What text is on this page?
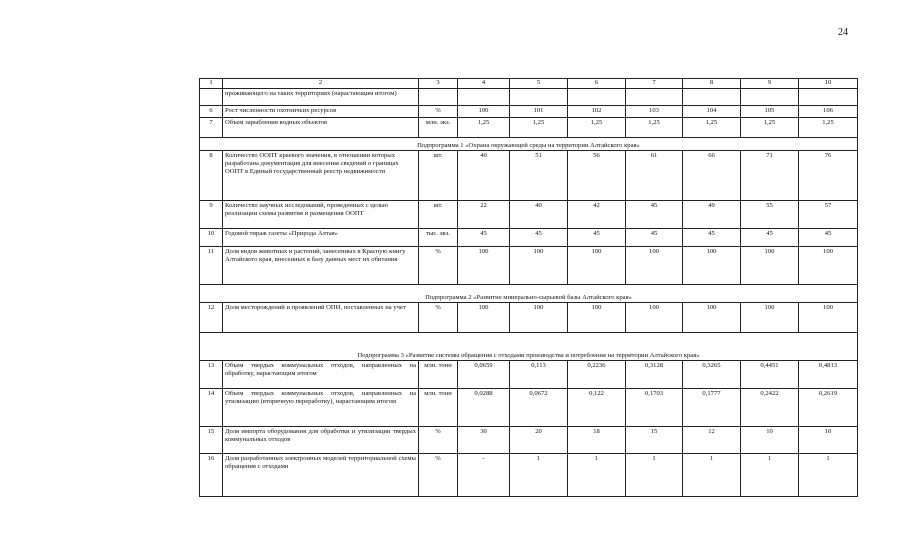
24
1	2	3	4	5	6	7	8	9	10
	проживающего на таких территориях (нарастающим итогом)								
6	Рост численности охотничьих ресурсов	%	100	101	102	103	104	105	106
7	Объем зарыбления водных объектов	млн. экз.	1,25	1,25	1,25	1,25	1,25	1,25	1,25
Подпрограмма 1 «Охрана окружающей среды на территории Алтайского края»									
8	Количество ООПТ краевого значения, в отношении которых разработана документация для внесения сведений о границах ООПТ в Единый государственный реестр недвижимости	шт.	40	51	56	61	66	71	76
9	Количество научных исследований, проведенных с целью реализации схемы развития и размещения ООПТ	шт.	22	40	42	45	49	55	57
10	Годовой тираж газеты «Природа Алтая»	тыс. экз.	45	45	45	45	45	45	45
11	Доля видов животных и растений, занесенных в Красную книгу Алтайского края, внесенных в базу данных мест их обитания	%	100	100	100	100	100	100	100
Подпрограмма 2 «Развитие минерально-сырьевой базы Алтайского края»									
12	Доля месторождений и проявлений ОПИ, поставленных на учет	%	100	100	100	100	100	100	100
Подпрограмма 3 «Развитие системы обращения с отходами производства и потребления на территории Алтайского края»									
13	Объем твердых коммунальных отходов, направленных на обработку, нарастающим итогом	млн. тонн	0,0659	0,113	0,2236	0,3128	0,3265	0,4451	0,4813
14	Объем твердых коммунальных отходов, направленных на утилизацию (вторичную переработку), нарастающим итогом	млн. тонн	0,0288	0,0672	0,122	0,1703	0,1777	0,2422	0,2619
15	Доля импорта оборудования для обработки и утилизации твердых коммунальных отходов	%	30	20	18	15	12	10	10
16	Доля разработанных электронных моделей территориальной схемы обращения с отходами	%	-	1	1	1	1	1	1
